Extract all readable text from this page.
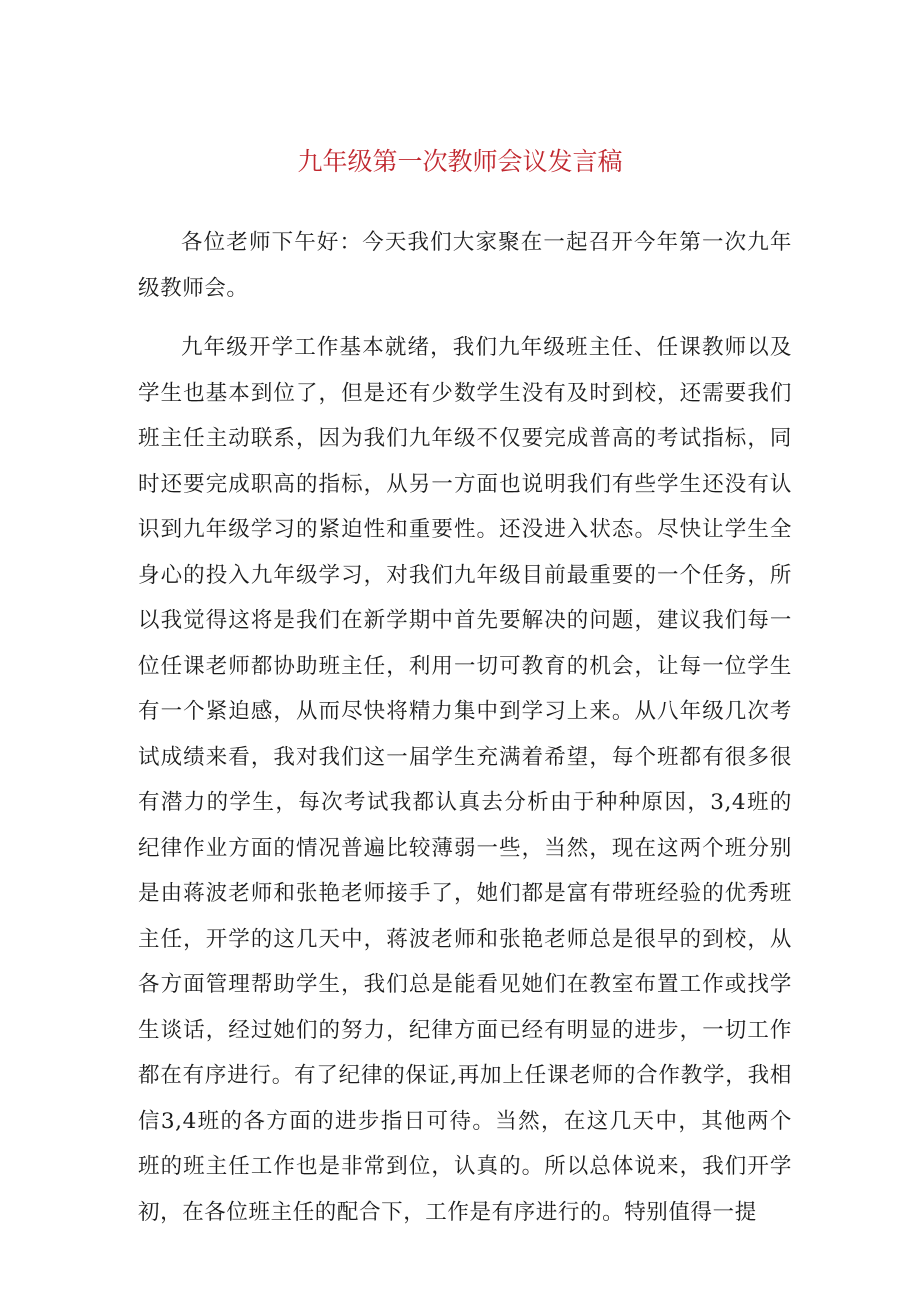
九年级第一次教师会议发言稿

各位老师下午好：今天我们大家聚在一起召开今年第一次九年级教师会。

九年级开学工作基本就绪，我们九年级班主任、任课教师以及学生也基本到位了，但是还有少数学生没有及时到校，还需要我们班主任主动联系，因为我们九年级不仅要完成普高的考试指标，同时还要完成职高的指标，从另一方面也说明我们有些学生还没有认识到九年级学习的紧迫性和重要性。还没进入状态。尽快让学生全身心的投入九年级学习，对我们九年级目前最重要的一个任务，所以我觉得这将是我们在新学期中首先要解决的问题，建议我们每一位任课老师都协助班主任，利用一切可教育的机会，让每一位学生有一个紧迫感，从而尽快将精力集中到学习上来。从八年级几次考试成绩来看，我对我们这一届学生充满着希望，每个班都有很多很有潜力的学生，每次考试我都认真去分析由于种种原因，3,4班的纪律作业方面的情况普遍比较薄弱一些，当然，现在这两个班分别是由蒋波老师和张艳老师接手了，她们都是富有带班经验的优秀班主任，开学的这几天中，蒋波老师和张艳老师总是很早的到校，从各方面管理帮助学生，我们总是能看见她们在教室布置工作或找学生谈话，经过她们的努力，纪律方面已经有明显的进步，一切工作都在有序进行。有了纪律的保证,再加上任课老师的合作教学，我相信3,4班的各方面的进步指日可待。当然，在这几天中，其他两个班的班主任工作也是非常到位，认真的。所以总体说来，我们开学初，在各位班主任的配合下，工作是有序进行的。特别值得一提
